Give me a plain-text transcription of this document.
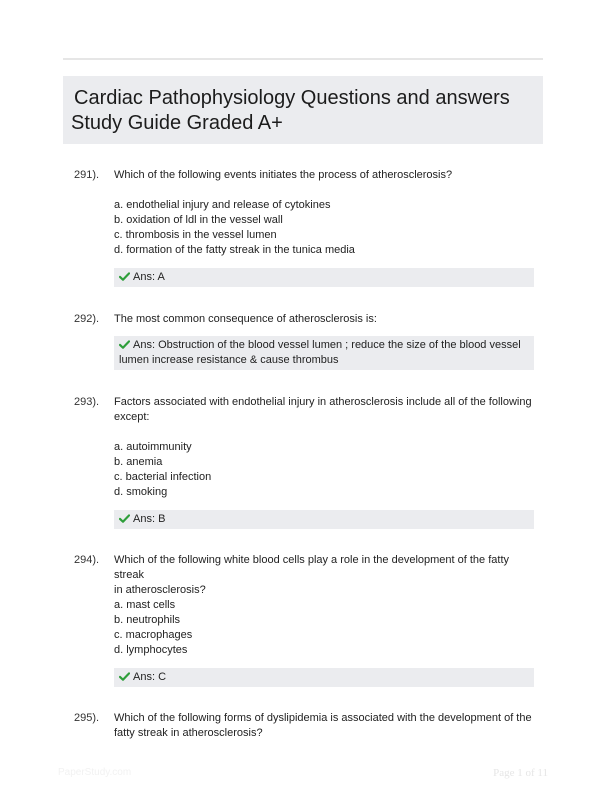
Cardiac Pathophysiology Questions and answers
Study Guide Graded A+
291). Which of the following events initiates the process of atherosclerosis?
a. endothelial injury and release of cytokines
b. oxidation of ldl in the vessel wall
c. thrombosis in the vessel lumen
d. formation of the fatty streak in the tunica media
Ans: A
292). The most common consequence of atherosclerosis is:
Ans: Obstruction of the blood vessel lumen ; reduce the size of the blood vessel
lumen increase resistance & cause thrombus
293). Factors associated with endothelial injury in atherosclerosis include all of the following
except:
a. autoimmunity
b. anemia
c. bacterial infection
d. smoking
Ans: B
294). Which of the following white blood cells play a role in the development of the fatty streak
in atherosclerosis?
a. mast cells
b. neutrophils
c. macrophages
d. lymphocytes
Ans: C
295). Which of the following forms of dyslipidemia is associated with the development of the
fatty streak in atherosclerosis?
PaperStudy.com	Page 1 of 11
